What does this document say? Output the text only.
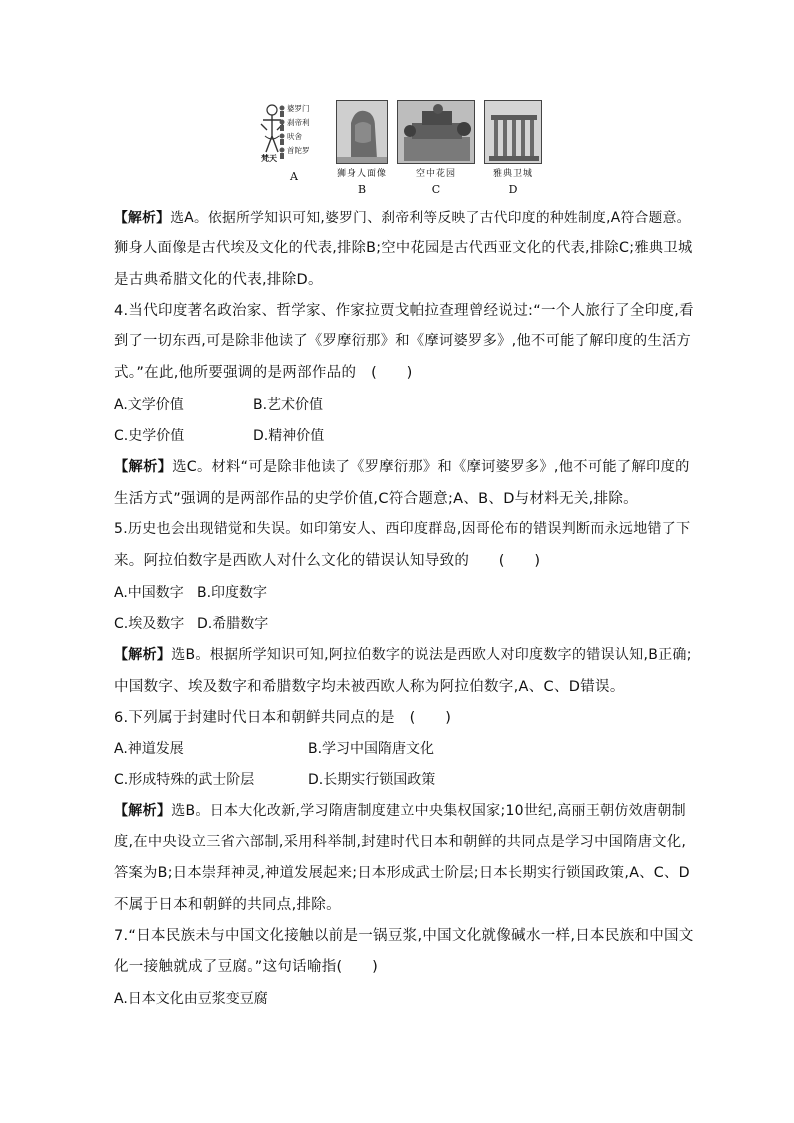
婆罗门
刹帝利
吠舍
首陀罗
梵天
A	狮身人面像
B
空中花园
C
雅典卫城
D
【解析】选A。依据所学知识可知,婆罗门、刹帝利等反映了古代印度的种姓制度,A符合题意。
狮身人面像是古代埃及文化的代表,排除B;空中花园是古代西亚文化的代表,排除C;雅典卫城
是古典希腊文化的代表,排除D。
4.当代印度著名政治家、哲学家、作家拉贾戈帕拉查理曾经说过:“一个人旅行了全印度,看
到了一切东西,可是除非他读了《罗摩衍那》和《摩诃婆罗多》,他不可能了解印度的生活方
式。”在此,他所要强调的是两部作品的　(　　)
A.文学价值	B.艺术价值
C.史学价值	D.精神价值
【解析】选C。材料“可是除非他读了《罗摩衍那》和《摩诃婆罗多》,他不可能了解印度的
生活方式”强调的是两部作品的史学价值,C符合题意;A、B、D与材料无关,排除。
5.历史也会出现错觉和失误。如印第安人、西印度群岛,因哥伦布的错误判断而永远地错了下
来。阿拉伯数字是西欧人对什么文化的错误认知导致的　　(　　)
A.中国数字 B.印度数字
C.埃及数字 D.希腊数字
【解析】选B。根据所学知识可知,阿拉伯数字的说法是西欧人对印度数字的错误认知,B正确;
中国数字、埃及数字和希腊数字均未被西欧人称为阿拉伯数字,A、C、D错误。
6.下列属于封建时代日本和朝鲜共同点的是　(　　)
A.神道发展	B.学习中国隋唐文化
C.形成特殊的武士阶层	D.长期实行锁国政策
【解析】选B。日本大化改新,学习隋唐制度建立中央集权国家;10世纪,高丽王朝仿效唐朝制
度,在中央设立三省六部制,采用科举制,封建时代日本和朝鲜的共同点是学习中国隋唐文化,
答案为B;日本崇拜神灵,神道发展起来;日本形成武士阶层;日本长期实行锁国政策,A、C、D
不属于日本和朝鲜的共同点,排除。
7.“日本民族未与中国文化接触以前是一锅豆浆,中国文化就像碱水一样,日本民族和中国文
化一接触就成了豆腐。”这句话喻指(　　)
A.日本文化由豆浆变豆腐
